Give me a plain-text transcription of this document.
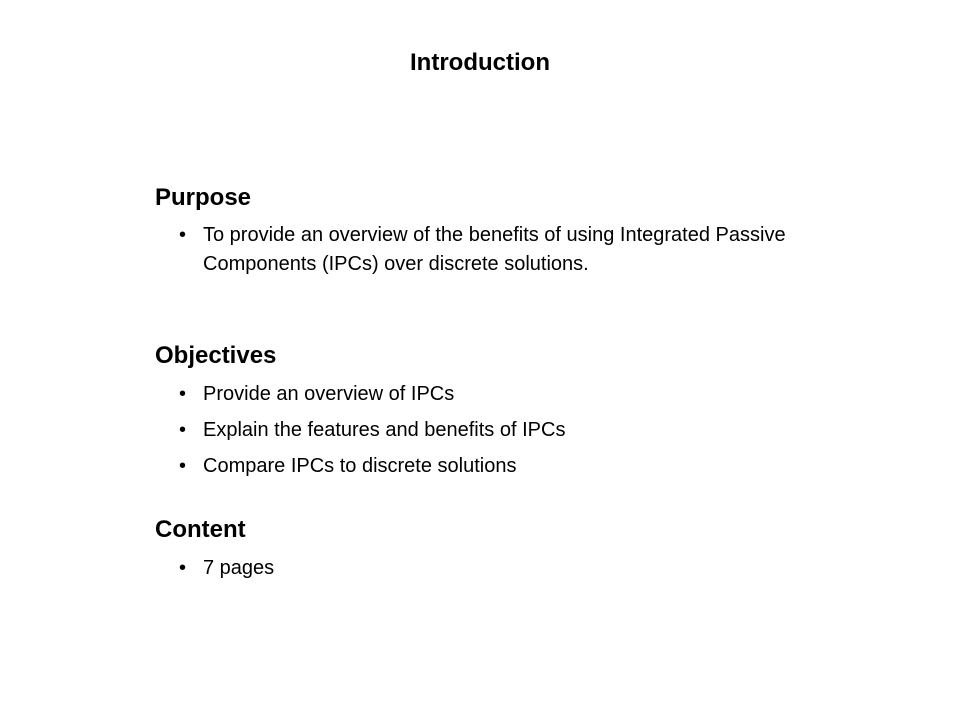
Introduction
Purpose
• To provide an overview of the benefits of using Integrated Passive Components (IPCs) over discrete solutions.
Objectives
• Provide an overview of IPCs
• Explain the features and benefits of IPCs
• Compare IPCs to discrete solutions
Content
• 7 pages
